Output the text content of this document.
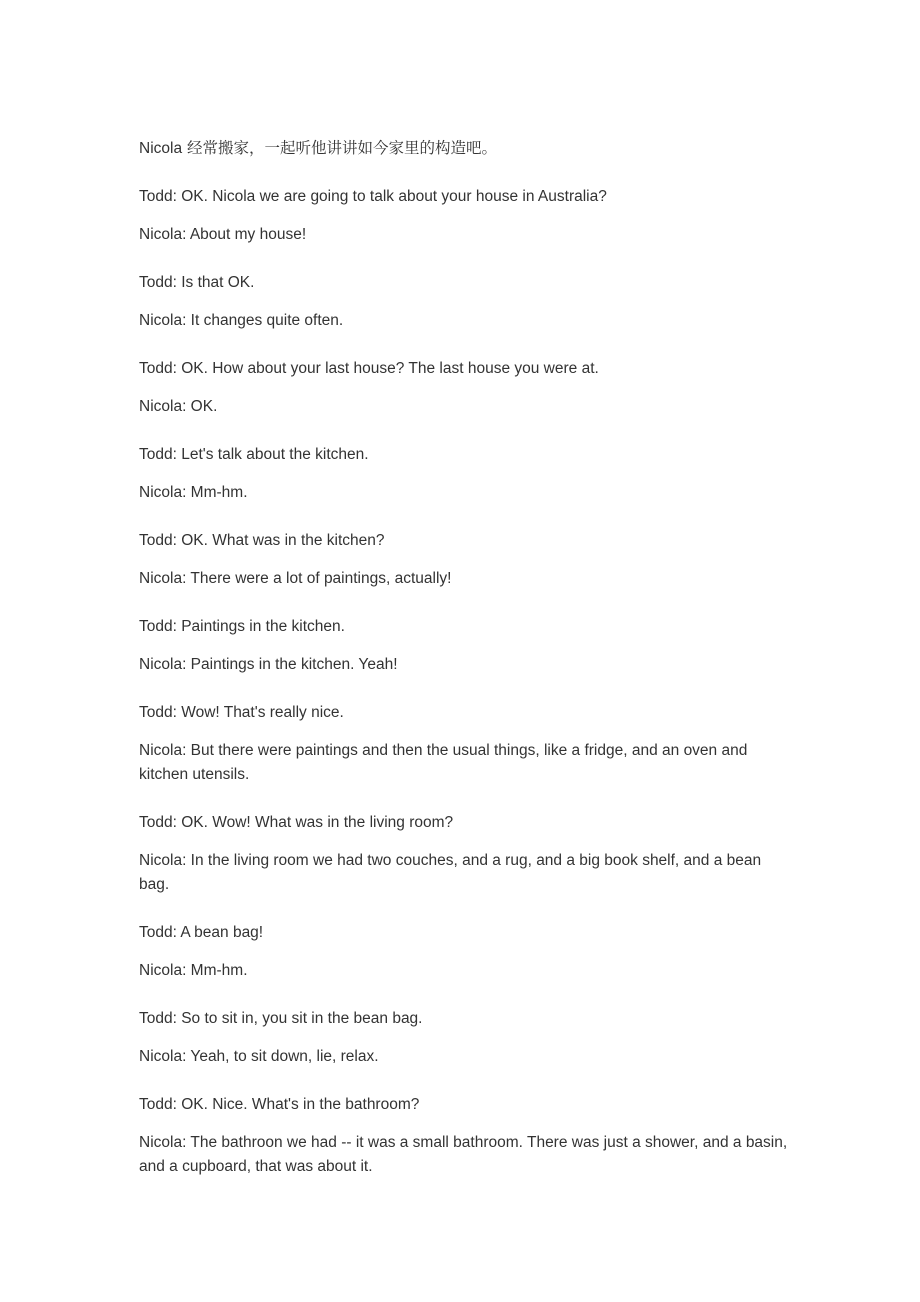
Nicola 经常搬家，一起听他讲讲如今家里的构造吧。

Todd: OK. Nicola we are going to talk about your house in Australia?

Nicola: About my house!

Todd: Is that OK.

Nicola: It changes quite often.

Todd: OK. How about your last house? The last house you were at.

Nicola: OK.

Todd: Let's talk about the kitchen.

Nicola: Mm-hm.

Todd: OK. What was in the kitchen?

Nicola: There were a lot of paintings, actually!

Todd: Paintings in the kitchen.

Nicola: Paintings in the kitchen. Yeah!

Todd: Wow! That's really nice.

Nicola: But there were paintings and then the usual things, like a fridge, and an oven and kitchen utensils.

Todd: OK. Wow! What was in the living room?

Nicola: In the living room we had two couches, and a rug, and a big book shelf, and a bean bag.

Todd: A bean bag!

Nicola: Mm-hm.

Todd: So to sit in, you sit in the bean bag.

Nicola: Yeah, to sit down, lie, relax.

Todd: OK. Nice. What's in the bathroom?

Nicola: The bathroon we had -- it was a small bathroom. There was just a shower, and a basin, and a cupboard, that was about it.
